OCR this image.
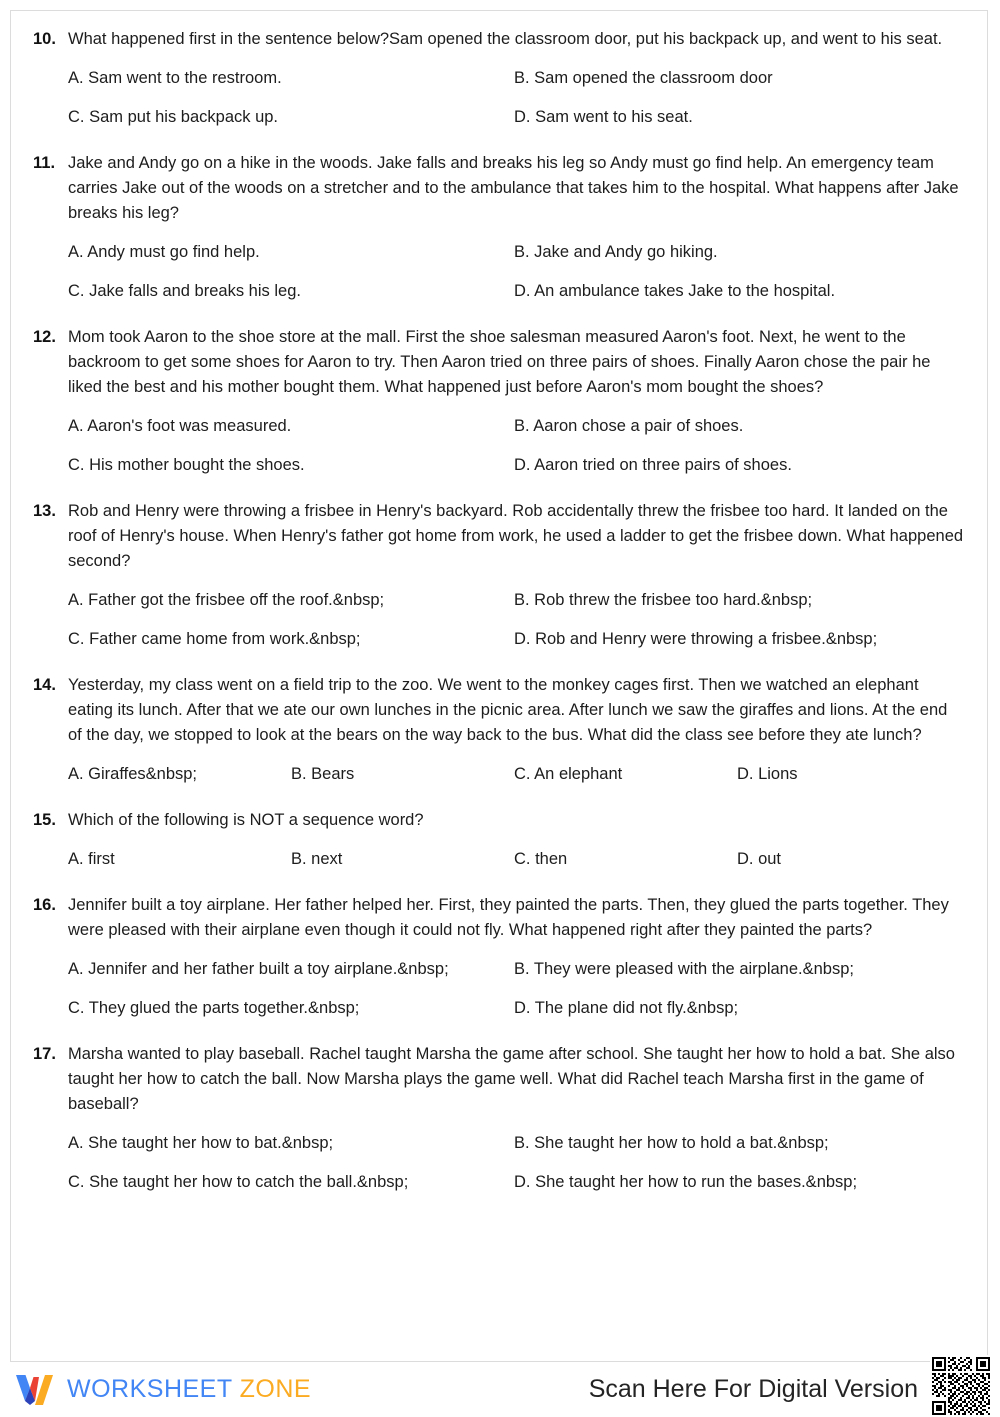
10. What happened first in the sentence below?Sam opened the classroom door, put his backpack up, and went to his seat.

A. Sam went to the restroom.	B. Sam opened the classroom door
C. Sam put his backpack up.	D. Sam went to his seat.
11. Jake and Andy go on a hike in the woods. Jake falls and breaks his leg so Andy must go find help. An emergency team carries Jake out of the woods on a stretcher and to the ambulance that takes him to the hospital. What happens after Jake breaks his leg?

A. Andy must go find help.	B. Jake and Andy go hiking.
C. Jake falls and breaks his leg.	D. An ambulance takes Jake to the hospital.
12. Mom took Aaron to the shoe store at the mall. First the shoe salesman measured Aaron's foot. Next, he went to the backroom to get some shoes for Aaron to try. Then Aaron tried on three pairs of shoes. Finally Aaron chose the pair he liked the best and his mother bought them. What happened just before Aaron's mom bought the shoes?

A. Aaron's foot was measured.	B. Aaron chose a pair of shoes.
C. His mother bought the shoes.	D. Aaron tried on three pairs of shoes.
13. Rob and Henry were throwing a frisbee in Henry's backyard. Rob accidentally threw the frisbee too hard. It landed on the roof of Henry's house. When Henry's father got home from work, he used a ladder to get the frisbee down. What happened second?

A. Father got the frisbee off the roof.&nbsp;	B. Rob threw the frisbee too hard.&nbsp;
C. Father came home from work.&nbsp;	D. Rob and Henry were throwing a frisbee.&nbsp;
14. Yesterday, my class went on a field trip to the zoo. We went to the monkey cages first. Then we watched an elephant eating its lunch. After that we ate our own lunches in the picnic area. After lunch we saw the giraffes and lions. At the end of the day, we stopped to look at the bears on the way back to the bus. What did the class see before they ate lunch?

A. Giraffes&nbsp;	B. Bears	C. An elephant	D. Lions
15. Which of the following is NOT a sequence word?

A. first	B. next	C. then	D. out
16. Jennifer built a toy airplane. Her father helped her. First, they painted the parts. Then, they glued the parts together. They were pleased with their airplane even though it could not fly. What happened right after they painted the parts?

A. Jennifer and her father built a toy airplane.&nbsp;	B. They were pleased with the airplane.&nbsp;
C. They glued the parts together.&nbsp;	D. The plane did not fly.&nbsp;
17. Marsha wanted to play baseball. Rachel taught Marsha the game after school. She taught her how to hold a bat. She also taught her how to catch the ball. Now Marsha plays the game well. What did Rachel teach Marsha first in the game of baseball?

A. She taught her how to bat.&nbsp;	B. She taught her how to hold a bat.&nbsp;
C. She taught her how to catch the ball.&nbsp;	D. She taught her how to run the bases.&nbsp;
WORKSHEET ZONE	Scan Here For Digital Version
